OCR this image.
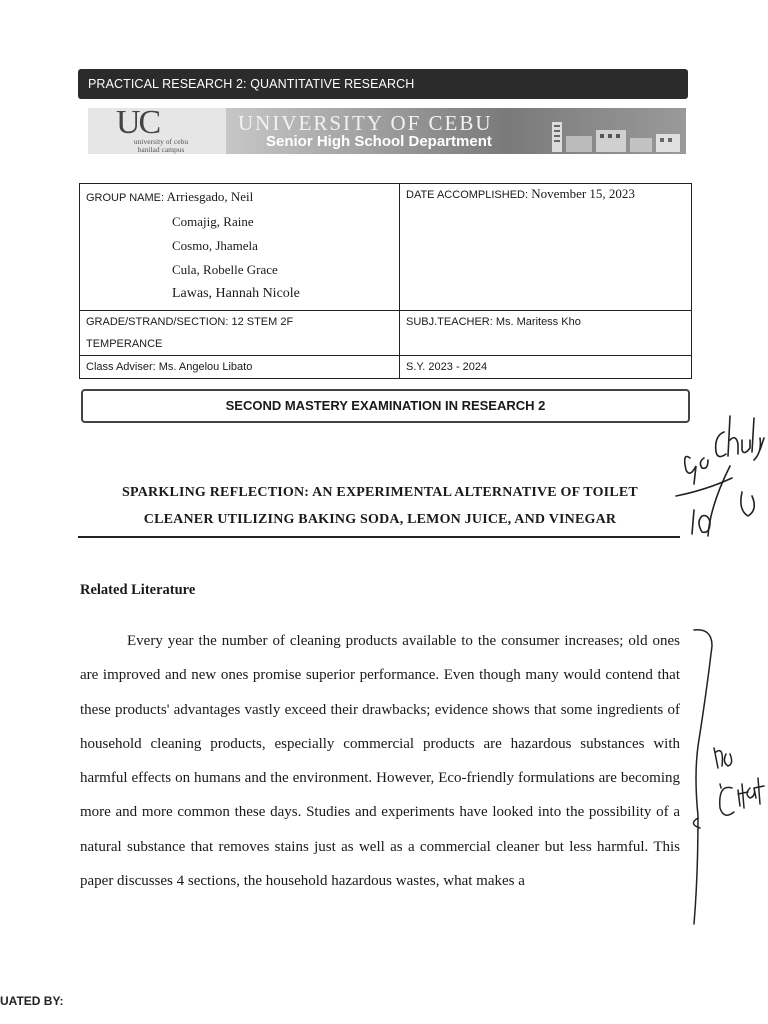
PRACTICAL RESEARCH 2: QUANTITATIVE RESEARCH
UC
university of cebu
banilad campus
UNIVERSITY OF CEBU
Senior High School Department
GROUP NAME: Arriesgado, Neil
Comajig, Raine
Cosmo, Jhamela
Cula, Robelle Grace
Lawas, Hannah Nicole	DATE ACCOMPLISHED: November 15, 2023

GRADE/STRAND/SECTION: 12 STEM 2F
TEMPERANCE	SUBJ.TEACHER: Ms. Maritess Kho

Class Adviser: Ms. Angelou Libato	S.Y. 2023 - 2024
SECOND MASTERY EXAMINATION IN RESEARCH 2
SPARKLING REFLECTION: AN EXPERIMENTAL ALTERNATIVE OF TOILET
CLEANER UTILIZING BAKING SODA, LEMON JUICE, AND VINEGAR
Related Literature
Every year the number of cleaning products available to the consumer increases; old ones are improved and new ones promise superior performance. Even though many would contend that these products' advantages vastly exceed their drawbacks; evidence shows that some ingredients of household cleaning products, especially commercial products are hazardous substances with harmful effects on humans and the environment. However, Eco-friendly formulations are becoming more and more common these days. Studies and experiments have looked into the possibility of a natural substance that removes stains just as well as a commercial cleaner but less harmful. This paper discusses 4 sections, the household hazardous wastes, what makes a
UATED BY:
